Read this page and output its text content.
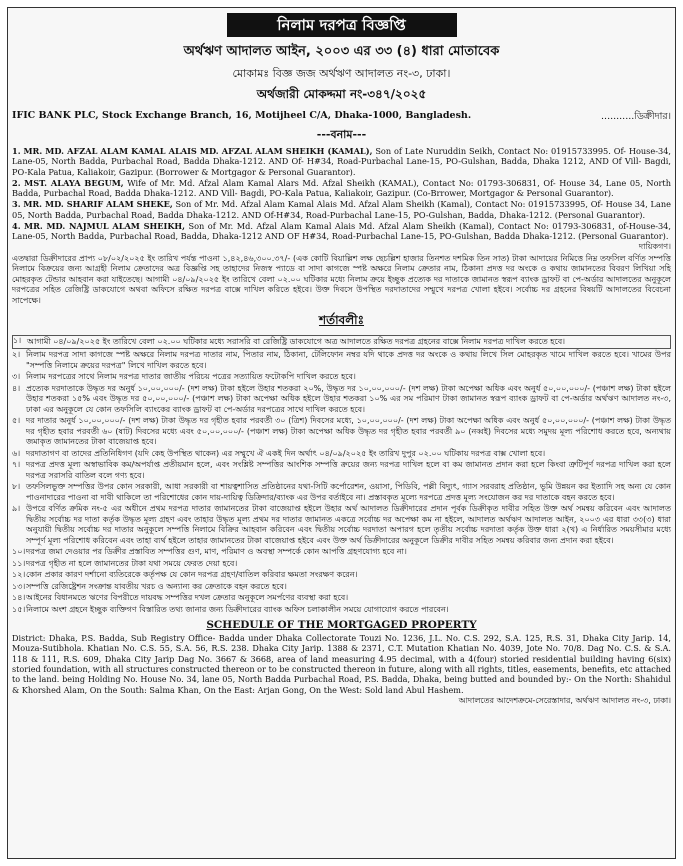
নিলাম দরপত্র বিজ্ঞপ্তি
অর্থঋণ আদালত আইন, ২০০৩ এর ৩৩ (৪) ধারা মোতাবেক
মোকামঃ বিজ্ঞ জজ অর্থঋণ আদালত নং-৩, ঢাকা।
অর্থজারী মোকদ্দমা নং-৩৪৭/২০২৫
IFIC BANK PLC, Stock Exchange Branch, 16, Motijheel C/A, Dhaka-1000, Bangladesh.	...........ডিক্রীদার।
---বনাম---

1. MR. MD. AFZAL ALAM KAMAL ALAIS MD. AFZAL ALAM SHEIKH (KAMAL), Son of Late Nuruddin Seikh, Contact No: 01915733995. Of- House-34, Lane-05, North Badda, Purbachal Road, Badda Dhaka-1212. AND Of- H#34, Road-Purbachal Lane-15, PO-Gulshan, Badda, Dhaka 1212, AND Of Vill- Bagdi, PO-Kala Patua, Kaliakoir, Gazipur. (Borrower & Mortgagor & Personal Guarantor).

2. MST. ALAYA BEGUM, Wife of Mr. Md. Afzal Alam Kamal Alars Md. Afzal Sheikh (KAMAL), Contact No: 01793-306831, Of- House 34, Lane 05, North Badda, Purbachal Road, Badda Dhaka-1212. AND Vill- Bagdi, PO-Kala Patua, Kaliakoir, Gazipur. (Co-Brrower, Mortgagor & Personal Guarantor).

3. MR. MD. SHARIF ALAM SHEKE, Son of Mr. Md. Afzal Alam Kamal Alais Md. Afzal Alam Sheikh (Kamal), Contact No: 01915733995, Of- House 34, Lane 05, North Badda, Purbachal Road, Badda Dhaka-1212. AND Of-H#34, Road-Purbachal Lane-15, PO-Gulshan, Badda, Dhaka-1212. (Personal Guarantor).

4. MR. MD. NAJMUL ALAM SHEIKH, Son of Mr. Md. Afzal Alam Kamal Alais Md. Afzal Alam Sheikh (Kamal), Contact No: 01793-306831, of-House-34, Lane-05, North Badda, Purbachal Road, Badda, Dhaka-1212 AND OF H#34, Road-Purbachal Lane-15, PO-Gulshan, Badda Dhaka-1212. (Personal Guarantor).

দায়িকগণ।
এতদ্বারা ডিক্রীদারের প্রাপ্য ০৮/০২/২০২৫ ইং তারিখ পর্যন্ত পাওনা ১,৪২,৪৬,৩০০.৩৭/- (এক কোটি বিয়াল্লিশ লক্ষ ছেচল্লিশ হাজার তিনশত দশমিক তিন সাত) টাকা আদায়ের নিমিত্তে নিম্ন তফসিল বর্ণিত সম্পত্তি নিলামে বিক্রয়ের জন্য আগ্রহী নিলাম ক্রেতাদের অত্র বিজ্ঞপ্তি সহ তাহাদের নিজস্ব প্যাডে বা সাদা কাগজে স্পষ্ট অক্ষরে নিলাম ক্রেতার নাম, ঠিকানা প্রদত্ত দর অংকে ও কথায় জামানতের বিবরণ লিখিয়া সহি মোহরকৃত টেন্ডার আহবান করা যাইতেছে। আগামী ০৪/০৯/২০২৫ ইং তারিখে বেলা ০২.০০ ঘটিকার মধ্যে নিলাম ক্রয়ে ইচ্ছুক প্রত্যেক দর দাতাকে জামানত স্বরূপ ব্যাংক ড্রাফট বা পে-অর্ডার আদালতের অনুকূলে দরপত্রের সহিত রেজিষ্ট্রি ডাকযোগে অথবা অফিসে রক্ষিত দরপত্র বাক্সে দাখিল করিতে হইবে। উক্ত দিবসে উপস্থিত দরদাতাদের সম্মুখে দরপত্র খোলা হইবে। সর্বোচ্চ দর গ্রহনের বিষয়টি আদালতের বিবেচনা সাপেক্ষে।
শর্তাবলীঃ
১। আগামী ০৪/০৯/২০২৫ ইং তারিখে বেলা ০২.০০ ঘটিকার মধ্যে সরাসরি বা রেজিষ্ট্রি ডাকযোগে অত্র আদালতে রক্ষিত দরপত্র গ্রহনের বাক্সে নিলাম দরপত্র দাখিল করতে হবে।
২। নিলাম দরপত্র সাদা কাগজে স্পষ্ট অক্ষরে নিলাম দরপত্র দাতার নাম, পিতার নাম, ঠিকানা, টেলিফোন নম্বর যদি থাকে প্রদত্ত দর অংকে ও কথায় লিখে সিল মোহরকৃত খামে দাখিল করতে হবে। খামের উপর "সম্পত্তি নিলামে ক্রয়ের দরপত্র" লিখে দাখিল করতে হবে।
৩। নিলাম দরপত্রের সাথে নিলাম দরপত্র দাতার জাতীয় পরিচয় পত্রের সত্যায়িত ফটোকপি দাখিল করতে হবে।
৪। প্রত্যেক দরদাতাকে উদ্ধৃত দর অনুর্ধ ১০,০০,০০০/- (দশ লক্ষ) টাকা হইলে উহার শতকরা ২০%, উদ্ধৃত দর ১০,০০,০০০/- (দশ লক্ষ) টাকা অপেক্ষা অধিক এবং অনুর্ধ ৫০,০০,০০০/- (পঞ্চাশ লক্ষ) টাকা হইলে উহার শতকরা ১৫% এবং উদ্ধৃত দর ৫০,০০,০০০/- (পঞ্চাশ লক্ষ) টাকা অপেক্ষা অধিক হইলে উহার শতকরা ১০% এর সম পরিমাণ টাকা জামানত স্বরূপ ব্যাংক ড্রাফট বা পে-অর্ডার অর্থঋণ আদালত নং-৩, ঢাকা এর অনুকূলে যে কোন তফসিলি ব্যাংকের ব্যাংক ড্রাফট বা পে-অর্ডার দরপত্রের সাথে দাখিল করতে হবে।
৫। দর দাতার অনুর্ধ ১০,০০,০০০/- (দশ লক্ষ) টাকা উদ্ধৃত দর গৃহীত হবার পরবর্তী ৩০ (ত্রিশ) দিবসের মধ্যে, ১০,০০,০০০/- (দশ লক্ষ) টাকা অপেক্ষা অধিক এবং অনুর্ধ ৫০,০০,০০০/- (পঞ্চাশ লক্ষ) টাকা উদ্ধৃত দর গৃহীত হবার পরবর্তী ৬০ (ষাট) দিবসের মধ্যে এবং ৫০,০০,০০০/- (পঞ্চাশ লক্ষ) টাকা অপেক্ষা অধিক উদ্ধৃত দর গৃহীত হবার পরবর্তী ৯০ (নব্বই) দিবসের মধ্যে সমুদয় মূল্য পরিশোধ করতে হবে, অন্যথায় জমাকৃত জামানতের টাকা বাজেয়াপ্ত হবে।
৬। দরদাতাগণ বা তাদের প্রতিনিধিগণ (যদি কেহ উপস্থিত থাকেন) এর সম্মুখে ঐ একই দিন অর্থাৎ ০৪/০৯/২০২৫ ইং তারিখ দুপুর ০২.০০ ঘটিকায় দরপত্র বাক্স খোলা হবে।
৭। দরপত্র প্রদত্ত মূল্য অস্বাভাবিক কম/অপর্যাপ্ত প্রতীয়মান হলে, এবং সংশ্লিষ্ট সম্পত্তির আংশিক সম্পত্তি ক্রয়ের জন্য দরপত্র দাখিল হলে বা কম জামানত প্রদান করা হলে কিংবা ত্রুটিপূর্ণ দরপত্র দাখিল করা হলে দরপত্র সরাসরি বাতিল বলে গণ্য হবে।
৮। তফসিলভুক্ত সম্পত্তির উপর কোন সরকারী, আধা সরকারী বা শায়ত্বশাসিত প্রতিষ্ঠানের যথা-সিটি কর্পোরেশন, ওয়াসা, পিডিবি, পল্লী বিদ্যুৎ, গ্যাস সরবরাহ প্রতিষ্ঠান, ভূমি উন্নয়ন কর ইত্যাদি সহ অন্য যে কোন পাওনাদারের পাওনা বা দাবী থাকিলে তা পরিশোধের কোন দায়-দায়িত্ব ডিক্রিদার/ব্যাংক এর উপর বর্তাইবে না। প্রস্তাবকৃত মূল্যে দরপত্রে প্রদত্ত মূল্য সংযোজন কর দর দাতাকে বহন করতে হবে।
৯। উপরে বর্ণিত ক্রমিক নং-৫ এর অধীনে প্রথম দরপত্র দাতার জামানতের টাকা বাজেয়াপ্ত হইলে উহার অর্থ আদালত ডিক্রীদারের প্রদান পূর্বক ডিক্রীকৃত দাবীর সহিত উক্ত অর্থ সমন্বয় করিবেন এবং আদালত দ্বিতীয় সর্বোচ্চ দর দাতা কর্তৃক উদ্ধৃত মূল্য গ্রহণ এবং তাহার উদ্ধৃত মূল্য প্রথম দর দাতার জামানত একত্রে সর্বোচ্চ দর অপেক্ষা কম না হইলে, আদালত অর্থঋণ আদালত আইন, ২০০৩ এর ধারা ৩৩(৩) ধারা অনুযায়ী দ্বিতীয় সর্বোচ্চ দর দাতার অনুকূলে সম্পত্তি নিলামে বিক্রির আহবান করিবেন এবং দ্বিতীয় সর্বোচ্চ দরদাতা অপারগ হলে তৃতীয় সর্বোচ্চ দরদাতা কর্তৃক উক্ত ধারা ২(খ) এ নির্ধারিত সময়সীমার মধ্যে সম্পূর্ণ মূল্য পরিশোধ করিবেন এবং তাহা ব্যর্থ হইলে তাহার জামানতের টাকা বাজেয়াপ্ত হইবে এবং উক্ত অর্থ ডিক্রীদারের অনুকূলে ডিক্রীর দাবীর সহিত সমন্বয় করিবার জন্য প্রদান করা হইবে।
১০। দরপত্র জমা দেওয়ার পর ডিক্রীর প্রস্তাবিত সম্পত্তির গুণ, মাণ, পরিমাণ ও অবস্থা সম্পর্কে কোন আপত্তি গ্রহণযোগ্য হবে না।
১১। দরপত্র গৃহীত না হলে জামানতের টাকা যথা সময়ে ফেরত দেয়া হবে।
১২। কোন প্রকার কারণ দর্শানো ব্যতিরেকে কর্তৃপক্ষ যে কোন দরপত্র গ্রহণ/বাতিল করিবার ক্ষমতা সংরক্ষণ করেন।
১৩। সম্পত্তি রেজিষ্ট্রেশন সংক্রান্ত যাবতীয় খরচ ও অন্যান্য কর ক্রেতাকে বহন করতে হবে।
১৪। আইনের বিধানমতে ঋণের বিপরীতে দায়বদ্ধ সম্পত্তির দখল ক্রেতার অনুকূলে সমর্পণের ব্যবস্থা করা হবে।
১৫। নিলামে অংশ গ্রহনে ইচ্ছুক ব্যক্তিগণ বিস্তারিত তথ্য জানার জন্য ডিক্রীদারের ব্যাংক অফিস চলাকালীন সময়ে যোগাযোগ করতে পারবেন।
SCHEDULE OF THE MORTGAGED PROPERTY
District: Dhaka, P.S. Badda, Sub Registry Office- Badda under Dhaka Collectorate Touzi No. 1236, J.L. No. C.S. 292, S.A. 125, R.S. 31, Dhaka City Jarip. 14, Mouza-Sutibhola. Khatian No. C.S. 55, S.A. 56, R.S. 238. Dhaka City Jarip. 1388 & 2371, C.T. Mutation Khatian No. 4039, Jote No. 70/8. Dag No. C.S. & S.A. 118 & 111, R.S. 609, Dhaka City Jarip Dag No. 3667 & 3668, area of land measuring 4.95 decimal, with a 4(four) storied residential building having 6(six) storied foundation, with all structures constructed thereon or to be constructed thereon in future, along with all rights, titles, easements, benefits, etc attached to the land. being Holding No. House No. 34, lane 05, North Badda Purbachal Road, P.S. Badda, Dhaka, being butted and bounded by:- On the North: Shahidul & Khorshed Alam, On the South: Salma Khan, On the East: Arjan Gong, On the West: Sold land Abul Hashem.
আদালতের আদেশক্রমে-সেরেস্তাদার, অর্থঋণ আদালত নং-৩, ঢাকা।
